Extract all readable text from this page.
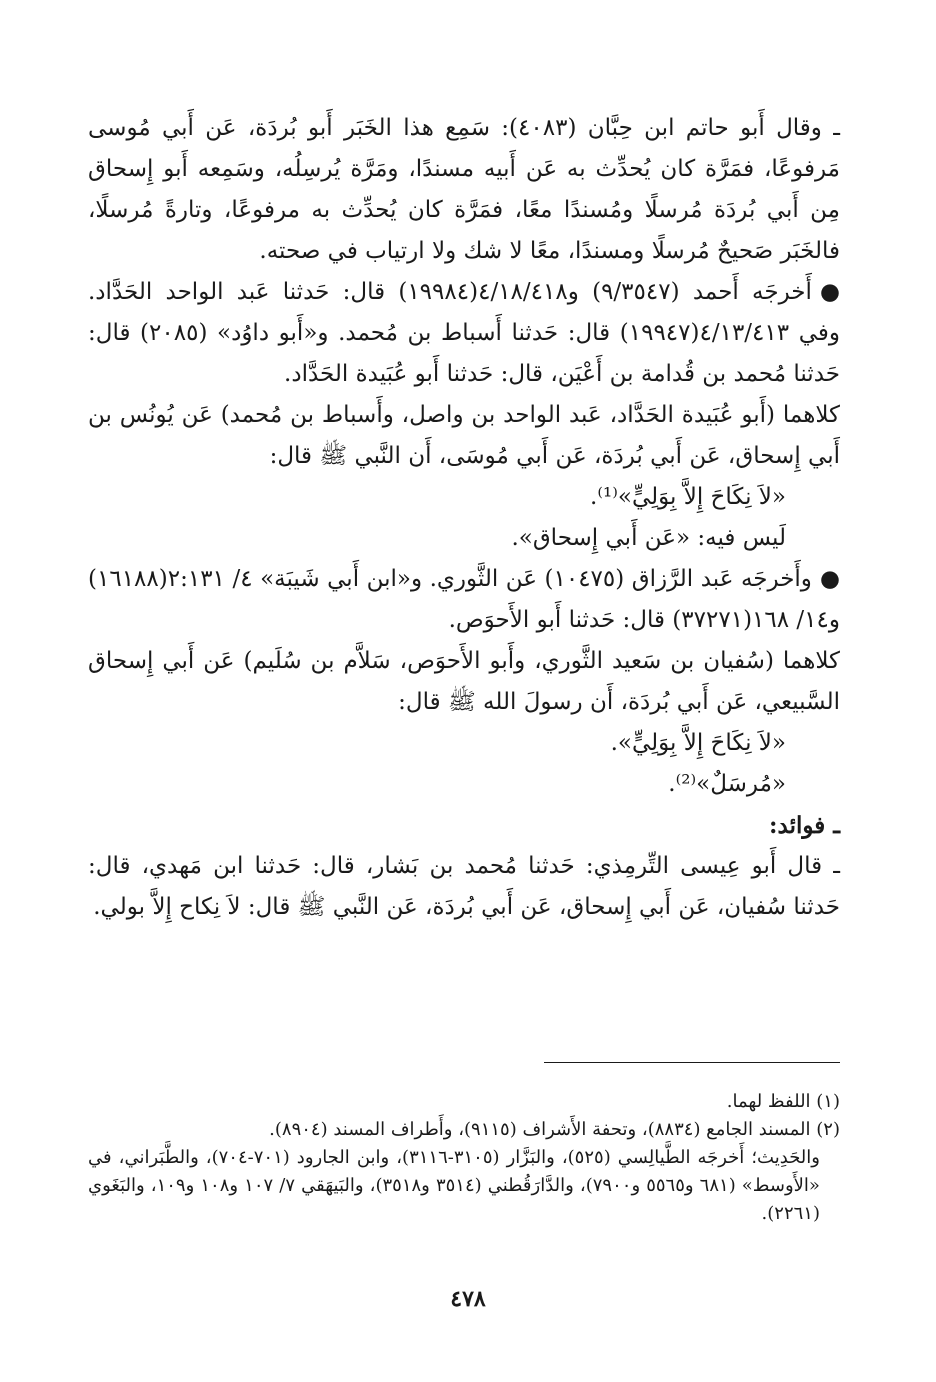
ـ وقال أَبو حاتم ابن حِبَّان (٤٠٨٣): سَمِع هذا الخَبَر أَبو بُردَة، عَن أَبي مُوسى مَرفوعًا، فمَرَّة كان يُحدِّث به عَن أَبيه مسندًا، ومَرَّة يُرسِلُه، وسَمِعه أَبو إِسحاق مِن أَبي بُردَة مُرسلًا ومُسندًا معًا، فمَرَّة كان يُحدِّث به مرفوعًا، وتارةً مُرسلًا، فالخَبَر صَحيحٌ مُرسلًا ومسندًا، معًا لا شك ولا ارتياب في صحته.

●أَخرجَه أَحمد (٩/٣٥٤٧) و٤/١٨/٤١٨(١٩٩٨٤) قال: حَدثنا عَبد الواحد الحَدَّاد. وفي ٤/١٣/٤١٣(١٩٩٤٧) قال: حَدثنا أَسباط بن مُحمد. و«أَبو داوُد» (٢٠٨٥) قال: حَدثنا مُحمد بن قُدامة بن أَعْيَن، قال: حَدثنا أَبو عُبَيدة الحَدَّاد.

كلاهما (أَبو عُبَيدة الحَدَّاد، عَبد الواحد بن واصل، وأَسباط بن مُحمد) عَن يُونُس بن أَبي إِسحاق، عَن أَبي بُردَة، عَن أَبي مُوسَى، أَن النَّبي ﷺ قال:

«لاَ نِكَاحَ إِلاَّ بِوَلِيٍّ»⁽¹⁾.

لَيس فيه: «عَن أَبي إِسحاق».

●وأَخرجَه عَبد الرَّزاق (١٠٤٧٥) عَن الثَّوري. و«ابن أَبي شَيبَة» ٤/ ٢:١٣١(١٦١٨٨) و١٤/ ١٦٨(٣٧٢٧١) قال: حَدثنا أَبو الأَحوَص.

كلاهما (سُفيان بن سَعيد الثَّوري، وأَبو الأَحوَص، سَلاَّم بن سُلَيم) عَن أَبي إِسحاق السَّبيعي، عَن أَبي بُردَة، أَن رسولَ الله ﷺ قال:

«لاَ نِكَاحَ إِلاَّ بِوَلِيٍّ».

«مُرسَلٌ»⁽²⁾.

ـ فوائد:

ـ قال أَبو عِيسى التِّرمِذي: حَدثنا مُحمد بن بَشار، قال: حَدثنا ابن مَهدي، قال: حَدثنا سُفيان، عَن أَبي إِسحاق، عَن أَبي بُردَة، عَن النَّبي ﷺ قال: لاَ نِكاح إِلاَّ بولي.

(١) اللفظ لهما.

(٢) المسند الجامع (٨٨٣٤)، وتحفة الأَشراف (٩١١٥)، وأَطراف المسند (٨٩٠٤).

والحَدِيث؛ أَخرجَه الطَّيالِسي (٥٢٥)، والبَزَّار (٣١٠٥-٣١١٦)، وابن الجارود (٧٠١-٧٠٤)، والطَّبَراني، في «الأَوسط» (٦٨١ و٥٥٦٥ و٧٩٠٠)، والدَّارَقُطني (٣٥١٤ و٣٥١٨)، والبَيهَقي ٧/ ١٠٧ و١٠٨ و١٠٩، والبَغَوي (٢٢٦١).

٤٧٨
